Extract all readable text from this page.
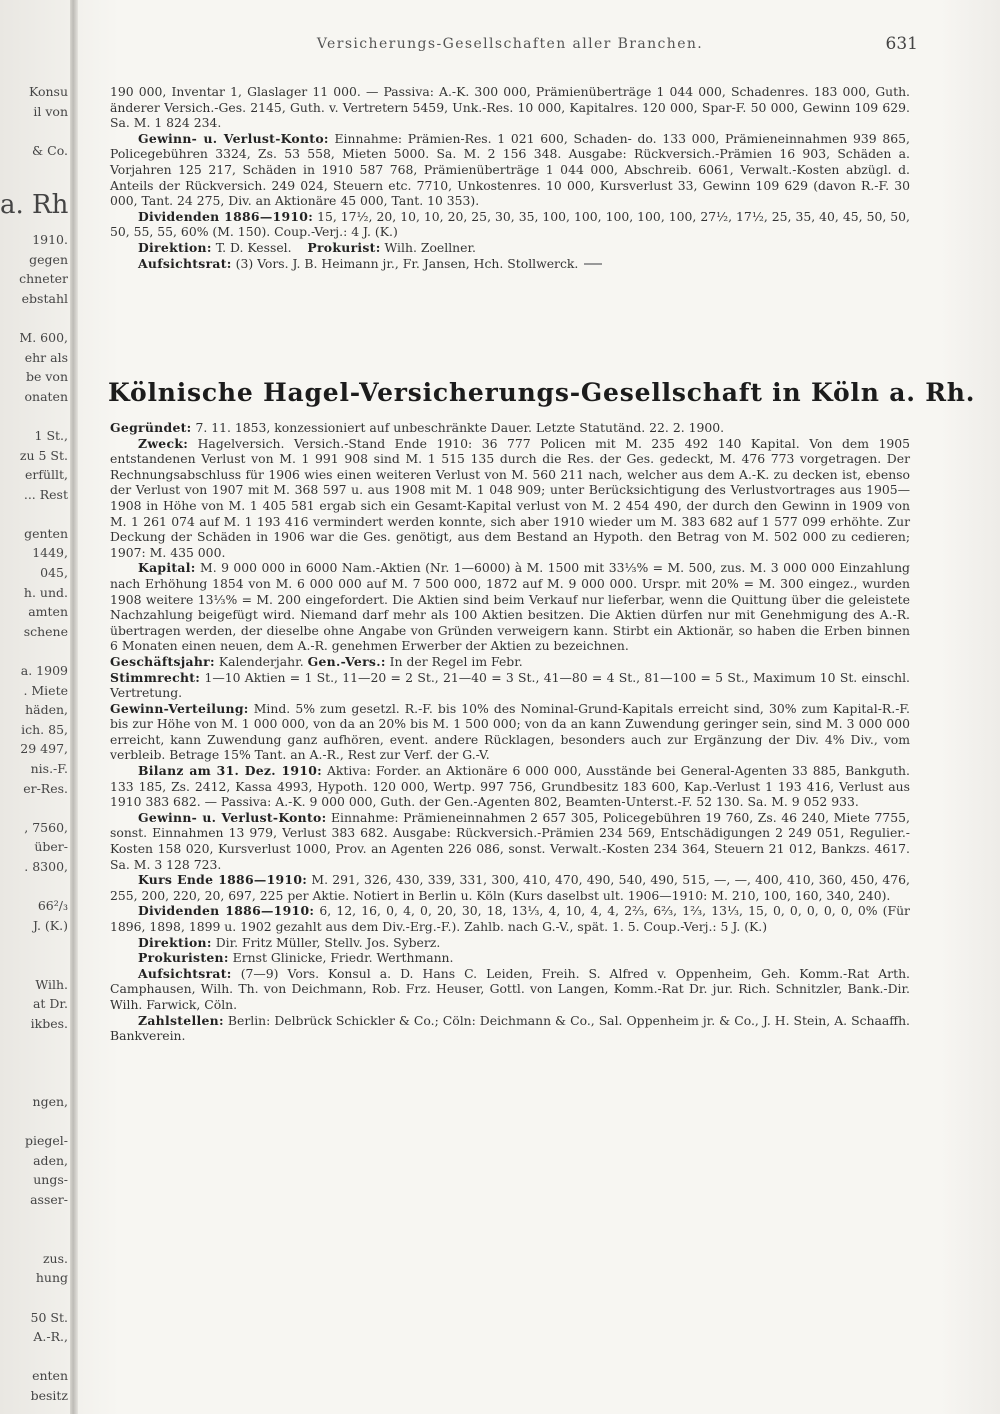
Konsu
il von
& Co.
a. Rh
1910.
gegen
chneter
ebstahl
M. 600,
ehr als
be von
onaten
1 St.,
zu 5 St.
erfüllt,
... Rest
genten
1449,
045,
h. und.
amten
schene
a. 1909
. Miete
häden,
ich. 85,
29 497,
nis.-F.
er-Res.
, 7560,
über-
. 8300,
66²/₃
J. (K.)
Wilh.
at Dr.
ikbes.
ngen,
piegel-
aden,
ungs-
asser-
zus.
hung
50 St.
A.-R.,
enten
besitz
Versicherungs-Gesellschaften aller Branchen.	631

190 000, Inventar 1, Glaslager 11 000. — Passiva: A.-K. 300 000, Prämienüberträge 1 044 000, Schadenres. 183 000, Guth. änderer Versich.-Ges. 2145, Guth. v. Vertretern 5459, Unk.-Res. 10 000, Kapitalres. 120 000, Spar-F. 50 000, Gewinn 109 629. Sa. M. 1 824 234.

Gewinn- u. Verlust-Konto: Einnahme: Prämien-Res. 1 021 600, Schaden- do. 133 000, Prämieneinnahmen 939 865, Policegebühren 3324, Zs. 53 558, Mieten 5000. Sa. M. 2 156 348. Ausgabe: Rückversich.-Prämien 16 903, Schäden a. Vorjahren 125 217, Schäden in 1910 587 768, Prämienüberträge 1 044 000, Abschreib. 6061, Verwalt.-Kosten abzügl. d. Anteils der Rückversich. 249 024, Steuern etc. 7710, Unkostenres. 10 000, Kursverlust 33, Gewinn 109 629 (davon R.-F. 30 000, Tant. 24 275, Div. an Aktionäre 45 000, Tant. 10 353).

Dividenden 1886—1910: 15, 17½, 20, 10, 10, 20, 25, 30, 35, 100, 100, 100, 100, 100, 27½, 17½, 25, 35, 40, 45, 50, 50, 50, 55, 55, 60% (M. 150). Coup.-Verj.: 4 J. (K.)

Direktion: T. D. Kessel. Prokurist: Wilh. Zoellner.

Aufsichtsrat: (3) Vors. J. B. Heimann jr., Fr. Jansen, Hch. Stollwerck.

Kölnische Hagel-Versicherungs-Gesellschaft in Köln a. Rh.

Gegründet: 7. 11. 1853, konzessioniert auf unbeschränkte Dauer. Letzte Statutänd. 22. 2. 1900.

Zweck: Hagelversich. Versich.-Stand Ende 1910: 36 777 Policen mit M. 235 492 140 Kapital. Von dem 1905 entstandenen Verlust von M. 1 991 908 sind M. 1 515 135 durch die Res. der Ges. gedeckt, M. 476 773 vorgetragen. Der Rechnungsabschluss für 1906 wies einen weiteren Verlust von M. 560 211 nach, welcher aus dem A.-K. zu decken ist, ebenso der Verlust von 1907 mit M. 368 597 u. aus 1908 mit M. 1 048 909; unter Berücksichtigung des Verlustvortrages aus 1905—1908 in Höhe von M. 1 405 581 ergab sich ein Gesamt-Kapital verlust von M. 2 454 490, der durch den Gewinn in 1909 von M. 1 261 074 auf M. 1 193 416 vermindert werden konnte, sich aber 1910 wieder um M. 383 682 auf 1 577 099 erhöhte. Zur Deckung der Schäden in 1906 war die Ges. genötigt, aus dem Bestand an Hypoth. den Betrag von M. 502 000 zu cedieren; 1907: M. 435 000.

Kapital: M. 9 000 000 in 6000 Nam.-Aktien (Nr. 1—6000) à M. 1500 mit 33⅓% = M. 500, zus. M. 3 000 000 Einzahlung nach Erhöhung 1854 von M. 6 000 000 auf M. 7 500 000, 1872 auf M. 9 000 000. Urspr. mit 20% = M. 300 eingez., wurden 1908 weitere 13⅓% = M. 200 eingefordert. Die Aktien sind beim Verkauf nur lieferbar, wenn die Quittung über die geleistete Nachzahlung beigefügt wird. Niemand darf mehr als 100 Aktien besitzen. Die Aktien dürfen nur mit Genehmigung des A.-R. übertragen werden, der dieselbe ohne Angabe von Gründen verweigern kann. Stirbt ein Aktionär, so haben die Erben binnen 6 Monaten einen neuen, dem A.-R. genehmen Erwerber der Aktien zu bezeichnen.

Geschäftsjahr: Kalenderjahr. Gen.-Vers.: In der Regel im Febr.

Stimmrecht: 1—10 Aktien = 1 St., 11—20 = 2 St., 21—40 = 3 St., 41—80 = 4 St., 81—100 = 5 St., Maximum 10 St. einschl. Vertretung.

Gewinn-Verteilung: Mind. 5% zum gesetzl. R.-F. bis 10% des Nominal-Grund-Kapitals erreicht sind, 30% zum Kapital-R.-F. bis zur Höhe von M. 1 000 000, von da an 20% bis M. 1 500 000; von da an kann Zuwendung geringer sein, sind M. 3 000 000 erreicht, kann Zuwendung ganz aufhören, event. andere Rücklagen, besonders auch zur Ergänzung der Div. 4% Div., vom verbleib. Betrage 15% Tant. an A.-R., Rest zur Verf. der G.-V.

Bilanz am 31. Dez. 1910: Aktiva: Forder. an Aktionäre 6 000 000, Ausstände bei General-Agenten 33 885, Bankguth. 133 185, Zs. 2412, Kassa 4993, Hypoth. 120 000, Wertp. 997 756, Grundbesitz 183 600, Kap.-Verlust 1 193 416, Verlust aus 1910 383 682. — Passiva: A.-K. 9 000 000, Guth. der Gen.-Agenten 802, Beamten-Unterst.-F. 52 130. Sa. M. 9 052 933.

Gewinn- u. Verlust-Konto: Einnahme: Prämieneinnahmen 2 657 305, Policegebühren 19 760, Zs. 46 240, Miete 7755, sonst. Einnahmen 13 979, Verlust 383 682. Ausgabe: Rückversich.-Prämien 234 569, Entschädigungen 2 249 051, Regulier.-Kosten 158 020, Kursverlust 1000, Prov. an Agenten 226 086, sonst. Verwalt.-Kosten 234 364, Steuern 21 012, Bankzs. 4617. Sa. M. 3 128 723.

Kurs Ende 1886—1910: M. 291, 326, 430, 339, 331, 300, 410, 470, 490, 540, 490, 515, —, —, 400, 410, 360, 450, 476, 255, 200, 220, 20, 697, 225 per Aktie. Notiert in Berlin u. Köln (Kurs daselbst ult. 1906—1910: M. 210, 100, 160, 340, 240).

Dividenden 1886—1910: 6, 12, 16, 0, 4, 0, 20, 30, 18, 13⅓, 4, 10, 4, 4, 2⅔, 6⅔, 1⅔, 13⅓, 15, 0, 0, 0, 0, 0, 0% (Für 1896, 1898, 1899 u. 1902 gezahlt aus dem Div.-Erg.-F.). Zahlb. nach G.-V., spät. 1. 5. Coup.-Verj.: 5 J. (K.)

Direktion: Dir. Fritz Müller, Stellv. Jos. Syberz.

Prokuristen: Ernst Glinicke, Friedr. Werthmann.

Aufsichtsrat: (7—9) Vors. Konsul a. D. Hans C. Leiden, Freih. S. Alfred v. Oppenheim, Geh. Komm.-Rat Arth. Camphausen, Wilh. Th. von Deichmann, Rob. Frz. Heuser, Gottl. von Langen, Komm.-Rat Dr. jur. Rich. Schnitzler, Bank.-Dir. Wilh. Farwick, Cöln.

Zahlstellen: Berlin: Delbrück Schickler & Co.; Cöln: Deichmann & Co., Sal. Oppenheim jr. & Co., J. H. Stein, A. Schaaffh. Bankverein.
